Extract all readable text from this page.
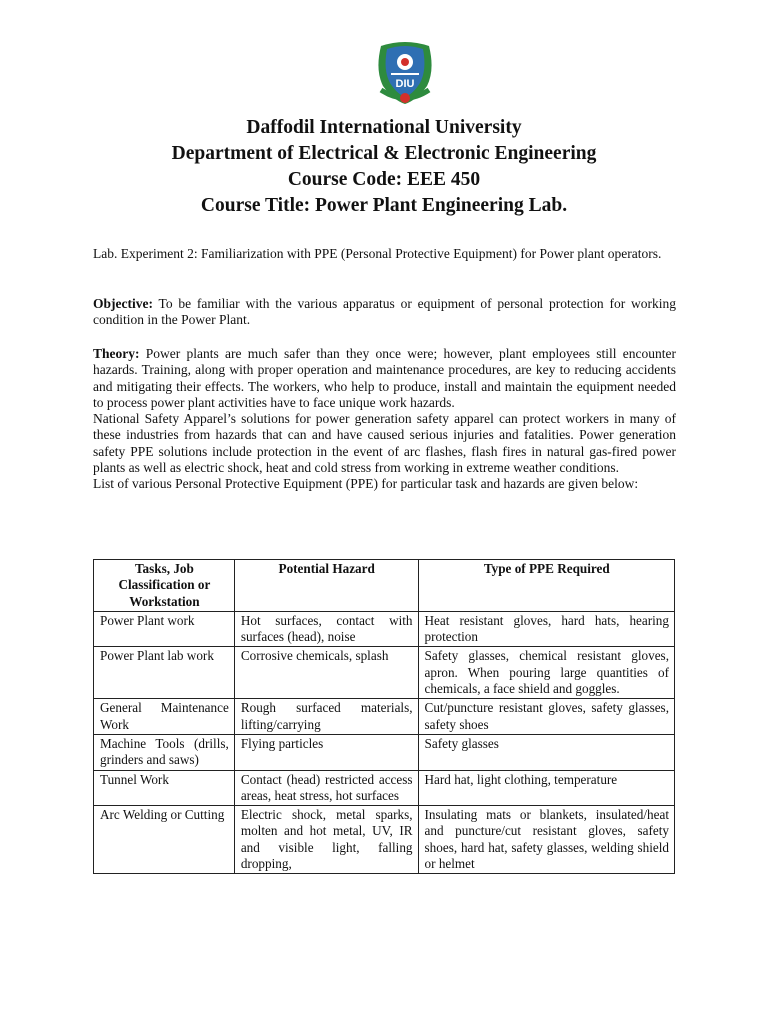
DIU
Daffodil International University
Department of Electrical & Electronic Engineering
Course Code: EEE 450
Course Title: Power Plant Engineering Lab.
Lab. Experiment 2: Familiarization with PPE (Personal Protective Equipment) for Power plant operators.
Objective: To be familiar with the various apparatus or equipment of personal protection for working condition in the Power Plant.

Theory: Power plants are much safer than they once were; however, plant employees still encounter hazards. Training, along with proper operation and maintenance procedures, are key to reducing accidents and mitigating their effects. The workers, who help to produce, install and maintain the equipment needed to process power plant activities have to face unique work hazards.

National Safety Apparel’s solutions for power generation safety apparel can protect workers in many of these industries from hazards that can and have caused serious injuries and fatalities. Power generation safety PPE solutions include protection in the event of arc flashes, flash fires in natural gas-fired power plants as well as electric shock, heat and cold stress from working in extreme weather conditions.

List of various Personal Protective Equipment (PPE) for particular task and hazards are given below:

Tasks, Job Classification or Workstation	Potential Hazard	Type of PPE Required
Power Plant work	Hot surfaces, contact with surfaces (head), noise	Heat resistant gloves, hard hats, hearing protection
Power Plant lab work	Corrosive chemicals, splash	Safety glasses, chemical resistant gloves, apron. When pouring large quantities of chemicals, a face shield and goggles.
General Maintenance Work	Rough surfaced materials, lifting/carrying	Cut/puncture resistant gloves, safety glasses, safety shoes
Machine Tools (drills, grinders and saws)	Flying particles	Safety glasses
Tunnel Work	Contact (head) restricted access areas, heat stress, hot surfaces	Hard hat, light clothing, temperature
Arc Welding or Cutting	Electric shock, metal sparks, molten and hot metal, UV, IR and visible light, falling dropping,	Insulating mats or blankets, insulated/heat and puncture/cut resistant gloves, safety shoes, hard hat, safety glasses, welding shield or helmet
